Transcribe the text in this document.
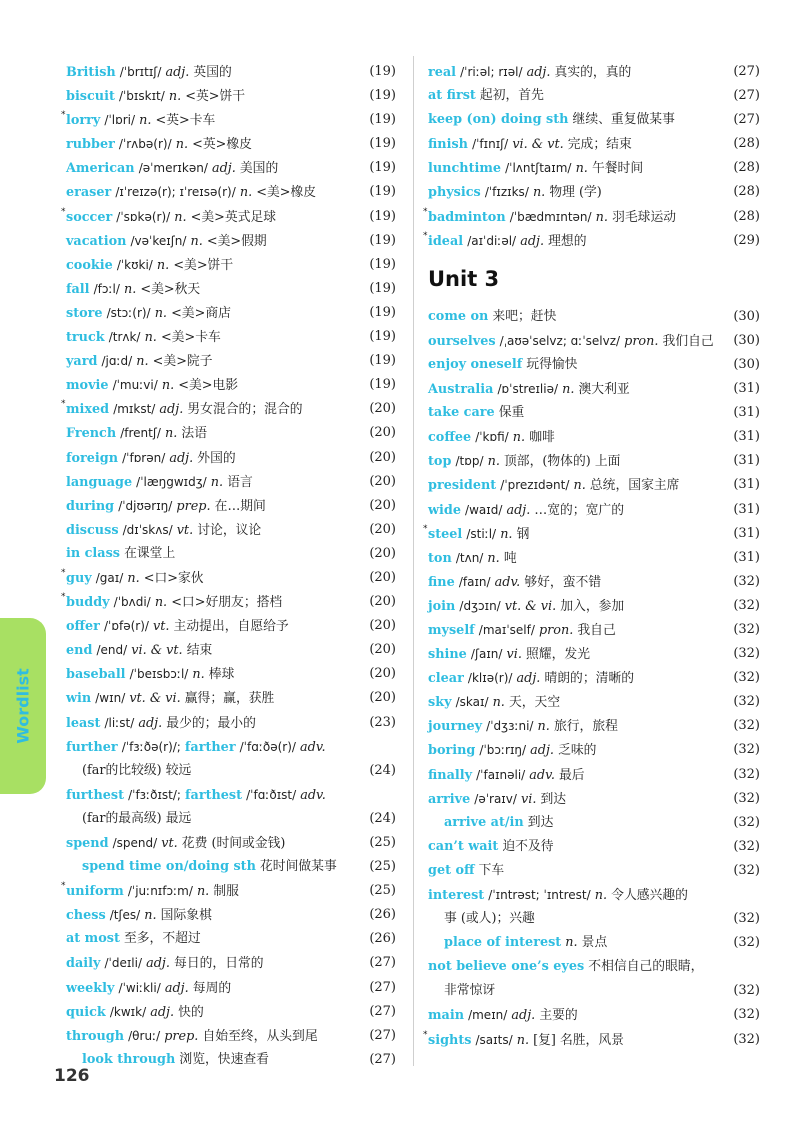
British /ˈbrɪtɪʃ/ adj. 英国的	(19)
biscuit /ˈbɪskɪt/ n. <英>饼干	(19)
* lorry /ˈlɒri/ n. <英>卡车	(19)
rubber /ˈrʌbə(r)/ n. <英>橡皮	(19)
American /əˈmerɪkən/ adj. 美国的	(19)
eraser /ɪˈreɪzə(r); ɪˈreɪsə(r)/ n. <美>橡皮	(19)
* soccer /ˈsɒkə(r)/ n. <美>英式足球	(19)
vacation /vəˈkeɪʃn/ n. <美>假期	(19)
cookie /ˈkʊki/ n. <美>饼干	(19)
fall /fɔːl/ n. <美>秋天	(19)
store /stɔː(r)/ n. <美>商店	(19)
truck /trʌk/ n. <美>卡车	(19)
yard /jɑːd/ n. <美>院子	(19)
movie /ˈmuːvi/ n. <美>电影	(19)
* mixed /mɪkst/ adj. 男女混合的；混合的	(20)
French /frentʃ/ n. 法语	(20)
foreign /ˈfɒrən/ adj. 外国的	(20)
language /ˈlæŋgwɪdʒ/ n. 语言	(20)
during /ˈdjʊərɪŋ/ prep. 在…期间	(20)
discuss /dɪˈskʌs/ vt. 讨论，议论	(20)
in class 在课堂上	(20)
* guy /gaɪ/ n. <口>家伙	(20)
* buddy /ˈbʌdi/ n. <口>好朋友；搭档	(20)
offer /ˈɒfə(r)/ vt. 主动提出，自愿给予	(20)
end /end/ vi. & vt. 结束	(20)
baseball /ˈbeɪsbɔːl/ n. 棒球	(20)
win /wɪn/ vt. & vi. 赢得；赢，获胜	(20)
least /liːst/ adj. 最少的；最小的	(23)
further /ˈfɜːðə(r)/; farther /ˈfɑːðə(r)/ adv.
(far的比较级) 较远	(24)
furthest /ˈfɜːðɪst/; farthest /ˈfɑːðɪst/ adv.
(far的最高级) 最远	(24)
spend /spend/ vt. 花费 (时间或金钱)	(25)
spend time on/doing sth 花时间做某事	(25)
* uniform /ˈjuːnɪfɔːm/ n. 制服	(25)
chess /tʃes/ n. 国际象棋	(26)
at most 至多，不超过	(26)
daily /ˈdeɪli/ adj. 每日的，日常的	(27)
weekly /ˈwiːkli/ adj. 每周的	(27)
quick /kwɪk/ adj. 快的	(27)
through /θruː/ prep. 自始至终，从头到尾	(27)
look through 浏览，快速查看	(27)
real /ˈriːəl; rɪəl/ adj. 真实的，真的	(27)
at first 起初，首先	(27)
keep (on) doing sth 继续、重复做某事	(27)
finish /ˈfɪnɪʃ/ vi. & vt. 完成；结束	(28)
lunchtime /ˈlʌntʃtaɪm/ n. 午餐时间	(28)
physics /ˈfɪzɪks/ n. 物理 (学)	(28)
* badminton /ˈbædmɪntən/ n. 羽毛球运动	(28)
* ideal /aɪˈdiːəl/ adj. 理想的	(29)
Unit 3
come on 来吧；赶快	(30)
ourselves /ˌaʊəˈselvz; ɑːˈselvz/ pron. 我们自己 (30)
enjoy oneself 玩得愉快	(30)
Australia /ɒˈstreɪliə/ n. 澳大利亚	(31)
take care 保重	(31)
coffee /ˈkɒfi/ n. 咖啡	(31)
top /tɒp/ n. 顶部，(物体的) 上面	(31)
president /ˈprezɪdənt/ n. 总统，国家主席	(31)
wide /waɪd/ adj. …宽的；宽广的	(31)
* steel /stiːl/ n. 钢	(31)
ton /tʌn/ n. 吨	(31)
fine /faɪn/ adv. 够好，蛮不错	(32)
join /dʒɔɪn/ vt. & vi. 加入，参加	(32)
myself /maɪˈself/ pron. 我自己	(32)
shine /ʃaɪn/ vi. 照耀，发光	(32)
clear /klɪə(r)/ adj. 晴朗的；清晰的	(32)
sky /skaɪ/ n. 天，天空	(32)
journey /ˈdʒɜːni/ n. 旅行，旅程	(32)
boring /ˈbɔːrɪŋ/ adj. 乏味的	(32)
finally /ˈfaɪnəli/ adv. 最后	(32)
arrive /əˈraɪv/ vi. 到达	(32)
arrive at/in 到达	(32)
can’t wait 迫不及待	(32)
get off 下车	(32)
interest /ˈɪntrəst; ˈɪntrest/ n. 令人感兴趣的
事 (或人)；兴趣	(32)
place of interest n. 景点	(32)
not believe one’s eyes 不相信自己的眼睛，
非常惊讶	(32)
main /meɪn/ adj. 主要的	(32)
* sights /saɪts/ n. [复] 名胜，风景	(32)
Wordlist
126
